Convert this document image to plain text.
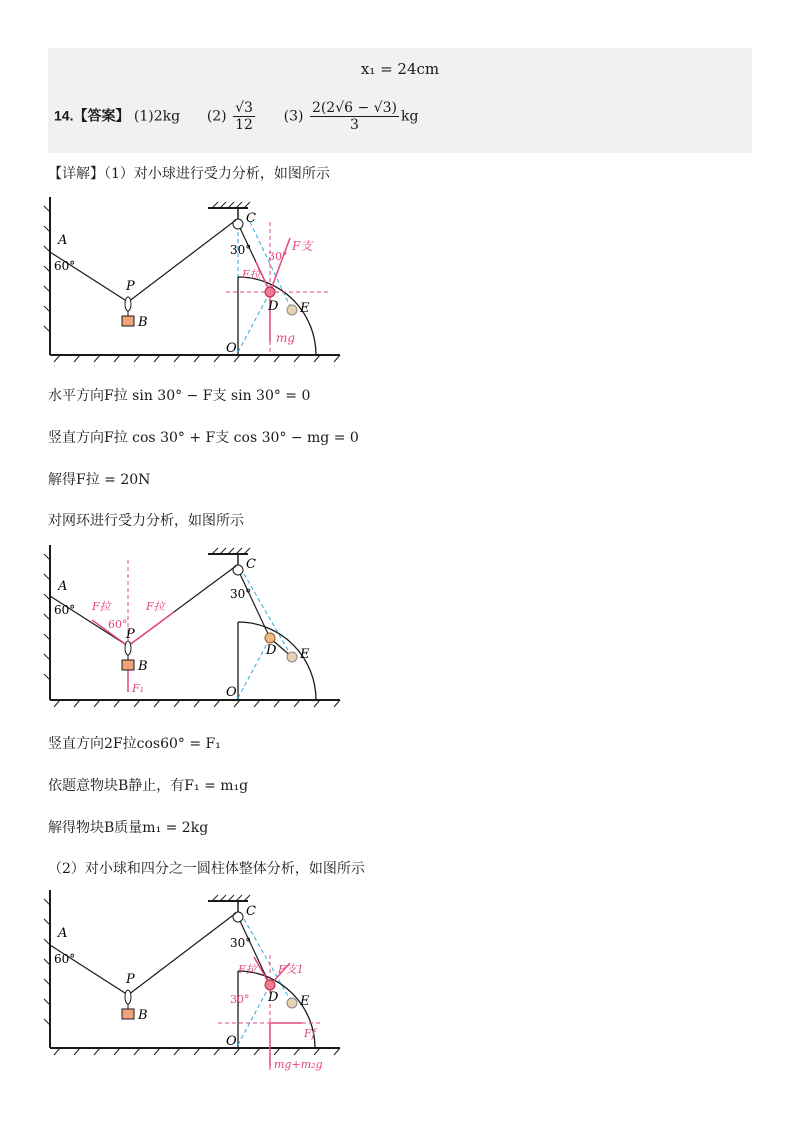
x₁ = 24cm
14.【答案】 (1)2kg $(2) \frac{√3}{12} (3) \frac{2(2√6 - √3)}{3}$ kg
【详解】（1）对小球进行受力分析，如图所示
A
60°
P
B
C
30° 30°
F支
F拉
D E
O
mg
水平方向F拉 sin 30° − F支 sin 30° = 0
竖直方向F拉 cos 30° + F支 cos 30° − mg = 0
解得F拉 = 20N
对网环进行受力分析，如图所示
A
60° F拉	F拉
60°
P
B
F₁
C
30°
D E
O
竖直方向2F拉cos60° = F₁
依题意物块B静止，有F₁ = m₁g
解得物块B质量m₁ = 2kg
（2）对小球和四分之一圆柱体整体分析，如图所示
A
60°
P
B
C
30°
F拉 F支1
30° D E
Ff
O
mg+m₂g
